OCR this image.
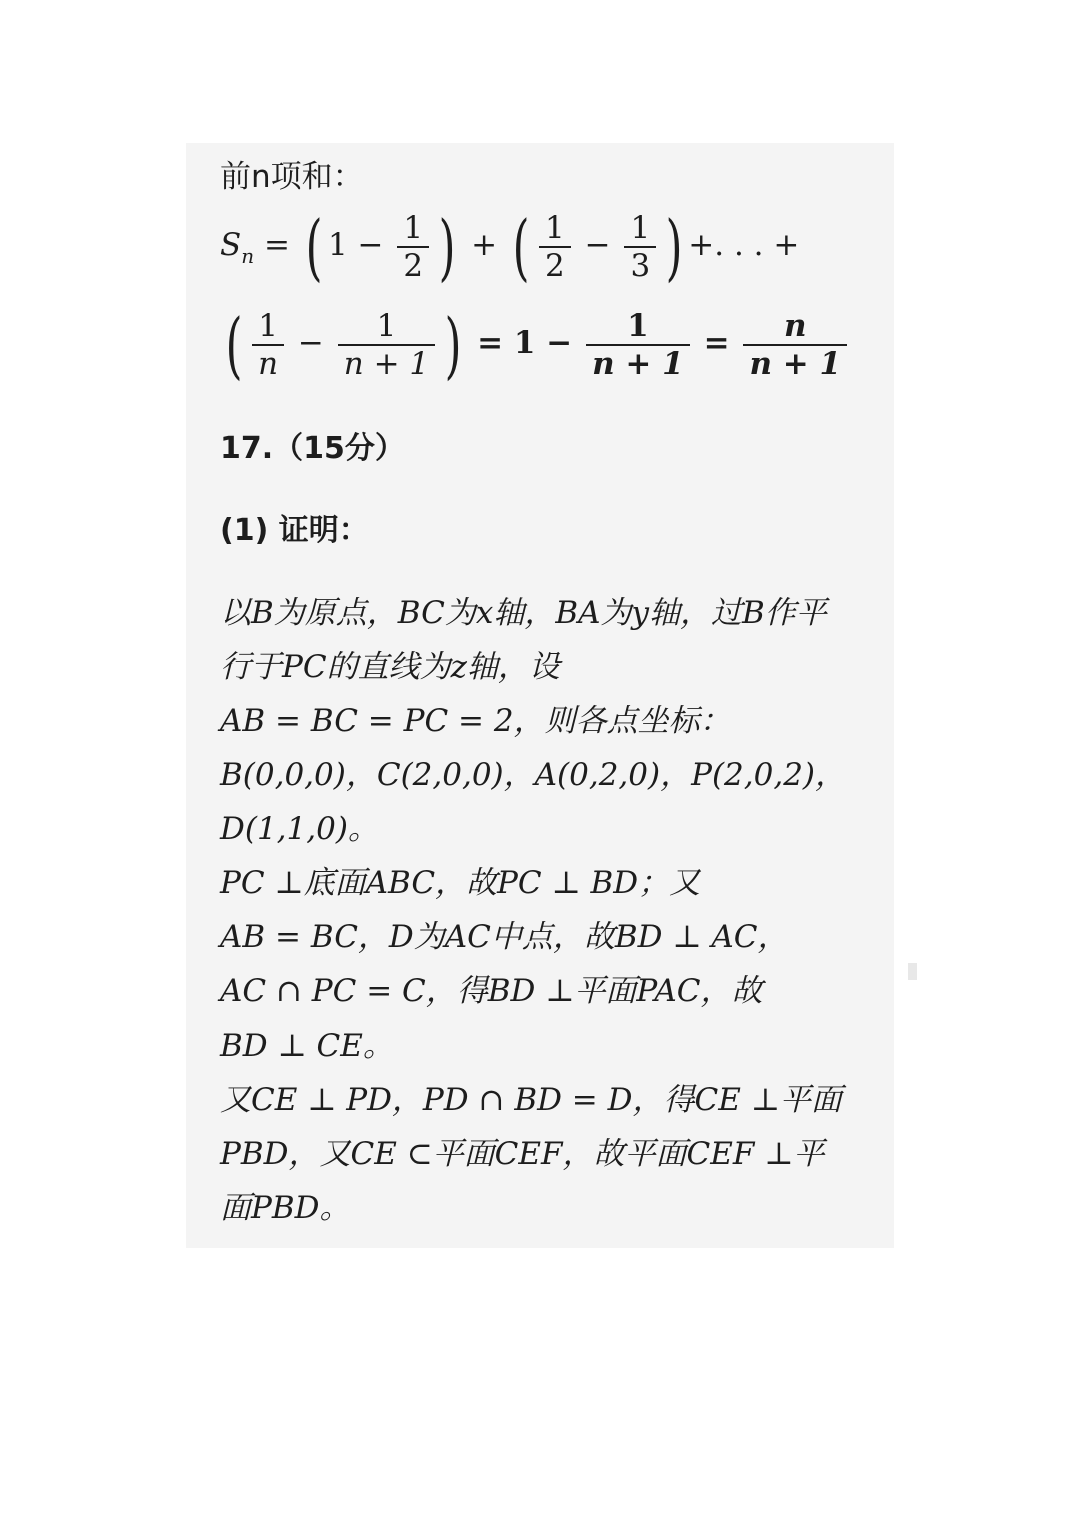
前n项和：
$S_n$ = ( $1 - \frac{1}{2}$ ) + ( $\frac{1}{2} - \frac{1}{3}$ ) +. . . +
( $\frac{1}{n} - \frac{1}{n + 1}$ ) = $1 - \frac{1}{n + 1} = \frac{n}{n + 1}$
17.（15分）
(1) 证明：
以B为原点，BC为x轴，BA为y轴，过B作平
行于PC的直线为z轴，设
AB = BC = PC = 2，则各点坐标：
B(0,0,0)，C(2,0,0)，A(0,2,0)，P(2,0,2)，
D(1,1,0)。
PC ⊥底面ABC，故PC ⊥ BD；又
AB = BC，D为AC中点，故BD ⊥ AC，
AC ∩ PC = C，得BD ⊥平面PAC，故
BD ⊥ CE。
又CE ⊥ PD，PD ∩ BD = D，得CE ⊥平面
PBD，又CE ⊂平面CEF，故平面CEF ⊥平
面PBD。
